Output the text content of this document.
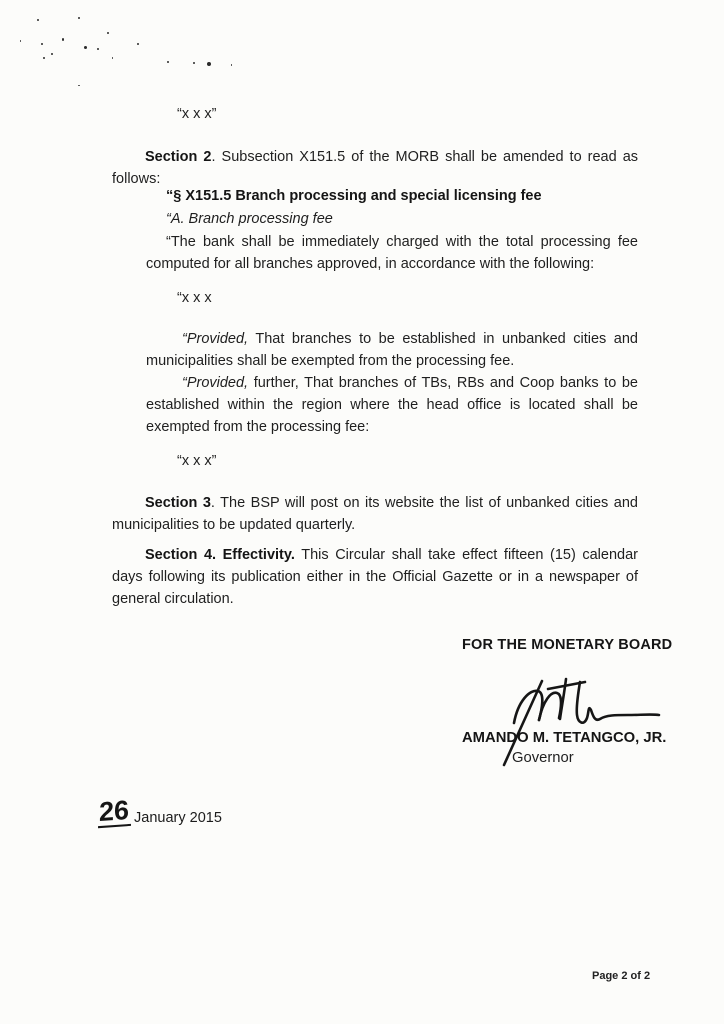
“x x x”

Section 2. Subsection X151.5 of the MORB shall be amended to read as follows:

“§ X151.5 Branch processing and special licensing fee
“A. Branch processing fee

“The bank shall be immediately charged with the total processing fee computed for all branches approved, in accordance with the following:

“x x x

“Provided, That branches to be established in unbanked cities and municipalities shall be exempted from the processing fee.

“Provided, further, That branches of TBs, RBs and Coop banks to be established within the region where the head office is located shall be exempted from the processing fee:

“x x x”

Section 3. The BSP will post on its website the list of unbanked cities and municipalities to be updated quarterly.

Section 4. Effectivity. This Circular shall take effect fifteen (15) calendar days following its publication either in the Official Gazette or in a newspaper of general circulation.

FOR THE MONETARY BOARD
AMANDO M. TETANGCO, JR.
Governor
26 January 2015
Page 2 of 2
